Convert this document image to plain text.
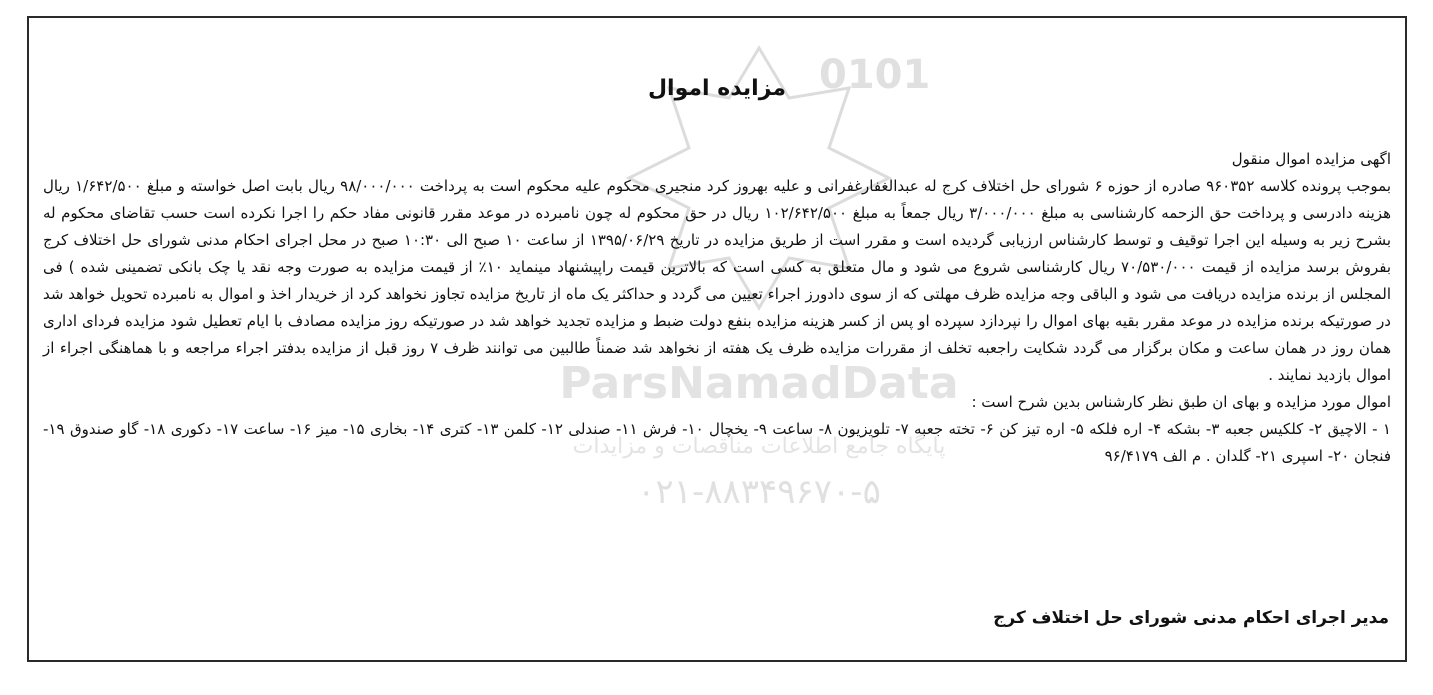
0101
ParsNamadData
پایگاه جامع اطلاعات مناقصات و مزایدات
۰۲۱-۸۸۳۴۹۶۷۰-۵
مزایده اموال

اگهی مزایده اموال منقول

بموجب پرونده کلاسه ۹۶۰۳۵۲ صادره از حوزه ۶ شورای حل اختلاف کرج له عبدالغفارغفرانی و علیه بهروز کرد منجیری محکوم علیه محکوم است به پرداخت ۹۸/۰۰۰/۰۰۰ ریال بابت اصل خواسته و مبلغ ۱/۶۴۲/۵۰۰ ریال هزینه دادرسی و پرداخت حق الزحمه کارشناسی به مبلغ ۳/۰۰۰/۰۰۰ ریال جمعاً به مبلغ ۱۰۲/۶۴۲/۵۰۰ ریال در حق محکوم له چون نامبرده در موعد مقرر قانونی مفاد حکم را اجرا نکرده است حسب تقاضای محکوم له بشرح زیر به وسیله این اجرا توقیف و توسط کارشناس ارزیابی گردیده است و مقرر است از طریق مزایده در تاریخ ۱۳۹۵/۰۶/۲۹ از ساعت ۱۰ صبح الی ۱۰:۳۰ صبح در محل اجرای احکام مدنی شورای حل اختلاف کرج بفروش برسد مزایده از قیمت ۷۰/۵۳۰/۰۰۰ ریال کارشناسی شروع می شود و مال متعلق به کسی است که بالاترین قیمت راپیشنهاد مینماید ۱۰٪ از قیمت مزایده به صورت وجه نقد یا چک بانکی تضمینی شده ) فی المجلس از برنده مزایده دریافت می شود و الباقی وجه مزایده ظرف مهلتی که از سوی دادورز اجراء تعیین می گردد و حداکثر یک ماه از تاریخ مزایده تجاوز نخواهد کرد از خریدار اخذ و اموال به نامبرده تحویل خواهد شد در صورتیکه برنده مزایده در موعد مقرر بقیه بهای اموال را نپردازد سپرده او پس از کسر هزینه مزایده بنفع دولت ضبط و مزایده تجدید خواهد شد در صورتیکه روز مزایده مصادف با ایام تعطیل شود مزایده فردای اداری همان روز در همان ساعت و مکان برگزار می گردد شکایت راجعبه تخلف از مقررات مزایده ظرف یک هفته از نخواهد شد ضمناً طالبین می توانند ظرف ۷ روز قبل از مزایده بدفتر اجراء مراجعه و با هماهنگی اجراء از اموال بازدید نمایند .

اموال مورد مزایده و بهای ان طبق نظر کارشناس بدین شرح است :

۱ - الاچیق ۲- کلکیس جعبه ۳- بشکه ۴- اره فلکه ۵- اره تیز کن ۶- تخته جعبه ۷- تلویزیون ۸- ساعت ۹- یخچال ۱۰- فرش ۱۱- صندلی ۱۲- کلمن ۱۳- کتری ۱۴- بخاری ۱۵- میز ۱۶- ساعت ۱۷- دکوری ۱۸- گاو صندوق ۱۹- فنجان ۲۰- اسپری ۲۱- گلدان . م الف ۹۶/۴۱۷۹

مدیر اجرای احکام مدنی شورای حل اختلاف کرج
